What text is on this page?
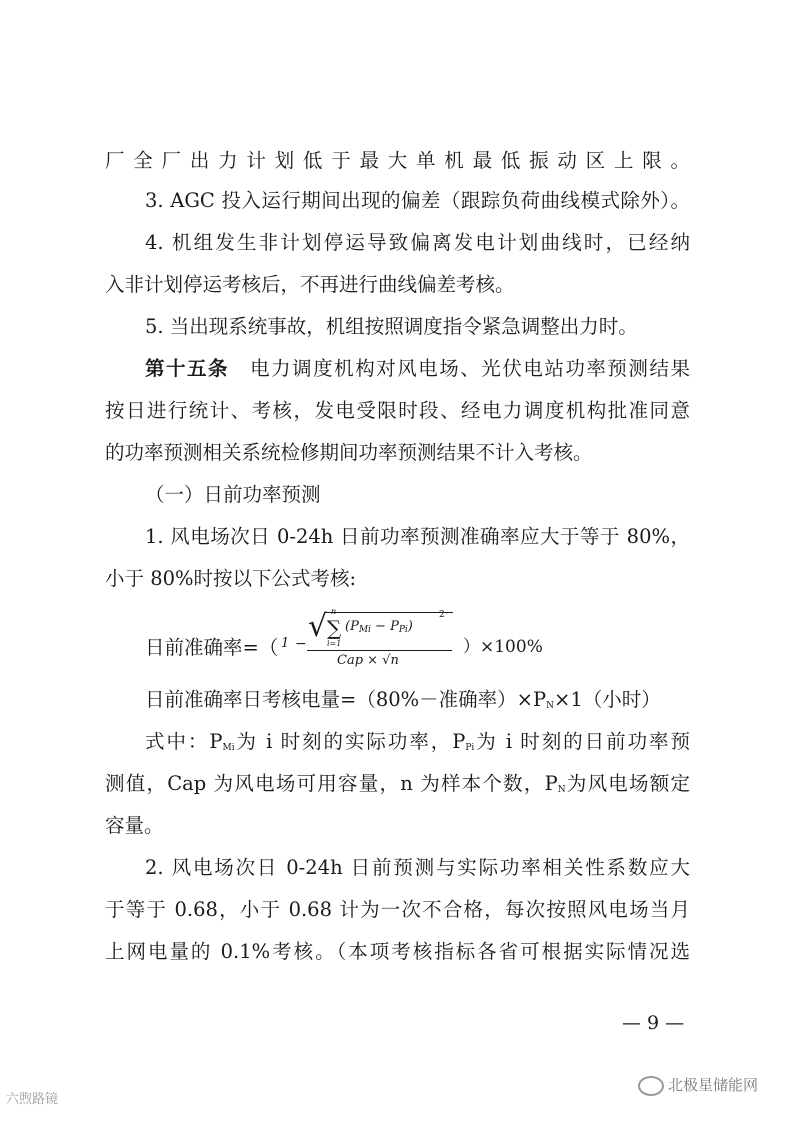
厂全厂出力计划低于最大单机最低振动区上限。
3. AGC 投入运行期间出现的偏差（跟踪负荷曲线模式除外）。
4. 机组发生非计划停运导致偏离发电计划曲线时，已经纳
入非计划停运考核后，不再进行曲线偏差考核。
5. 当出现系统事故，机组按照调度指令紧急调整出力时。
第十五条　 电力调度机构对风电场、光伏电站功率预测结果
按日进行统计、考核，发电受限时段、经电力调度机构批准同意
的功率预测相关系统检修期间功率预测结果不计入考核。
（一）日前功率预测
1. 风电场次日 0-24h 日前功率预测准确率应大于等于 80%，
小于 80%时按以下公式考核:
日前准确率=（ 1 − √ n
∑
i=1
$(P_{Mi} - P_{Pi})$
2
Cap × √n
）×100%
日前准确率日考核电量=（80%－准确率）$\times P_N\times 1$（小时）
式中：$P_{Mi}$为 i 时刻的实际功率，$P_{Pi}$为 i 时刻的日前功率预
测值，Cap 为风电场可用容量，n 为样本个数，$P_N$为风电场额定
容量。
2. 风电场次日 0-24h 日前预测与实际功率相关性系数应大
于等于 0.68，小于 0.68 计为一次不合格，每次按照风电场当月
上网电量的 0.1%考核。（本项考核指标各省可根据实际情况选
— 9 —
六煦路镜
北极星储能网
